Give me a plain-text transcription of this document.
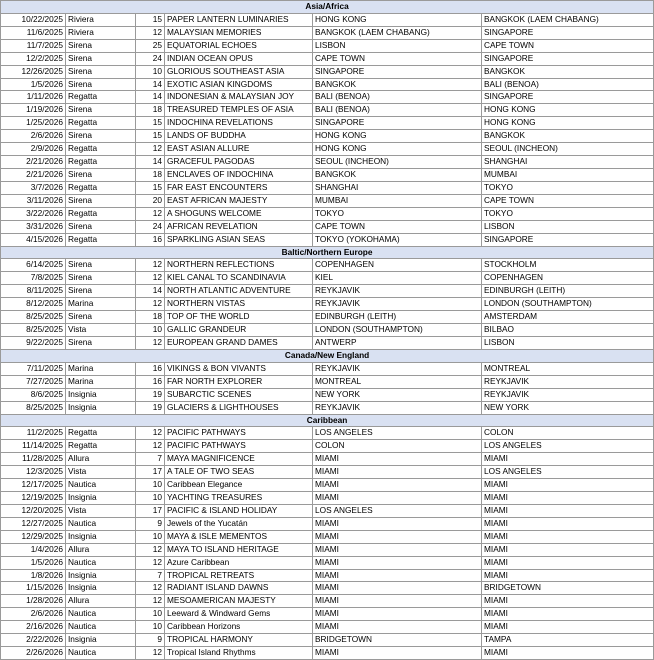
Asia/Africa					
10/22/2025	Riviera	15	PAPER LANTERN LUMINARIES	HONG KONG	BANGKOK (LAEM CHABANG)
11/6/2025	Riviera	12	MALAYSIAN MEMORIES	BANGKOK (LAEM CHABANG)	SINGAPORE
11/7/2025	Sirena	25	EQUATORIAL ECHOES	LISBON	CAPE TOWN
12/2/2025	Sirena	24	INDIAN OCEAN OPUS	CAPE TOWN	SINGAPORE
12/26/2025	Sirena	10	GLORIOUS SOUTHEAST ASIA	SINGAPORE	BANGKOK
1/5/2026	Sirena	14	EXOTIC ASIAN KINGDOMS	BANGKOK	BALI (BENOA)
1/11/2026	Regatta	14	INDONESIAN & MALAYSIAN JOY	BALI (BENOA)	SINGAPORE
1/19/2026	Sirena	18	TREASURED TEMPLES OF ASIA	BALI (BENOA)	HONG KONG
1/25/2026	Regatta	15	INDOCHINA REVELATIONS	SINGAPORE	HONG KONG
2/6/2026	Sirena	15	LANDS OF BUDDHA	HONG KONG	BANGKOK
2/9/2026	Regatta	12	EAST ASIAN ALLURE	HONG KONG	SEOUL (INCHEON)
2/21/2026	Regatta	14	GRACEFUL PAGODAS	SEOUL (INCHEON)	SHANGHAI
2/21/2026	Sirena	18	ENCLAVES OF INDOCHINA	BANGKOK	MUMBAI
3/7/2026	Regatta	15	FAR EAST ENCOUNTERS	SHANGHAI	TOKYO
3/11/2026	Sirena	20	EAST AFRICAN MAJESTY	MUMBAI	CAPE TOWN
3/22/2026	Regatta	12	A SHOGUNS WELCOME	TOKYO	TOKYO
3/31/2026	Sirena	24	AFRICAN REVELATION	CAPE TOWN	LISBON
4/15/2026	Regatta	16	SPARKLING ASIAN SEAS	TOKYO (YOKOHAMA)	SINGAPORE
Baltic/Northern Europe					
6/14/2025	Sirena	12	NORTHERN REFLECTIONS	COPENHAGEN	STOCKHOLM
7/8/2025	Sirena	12	KIEL CANAL TO SCANDINAVIA	KIEL	COPENHAGEN
8/11/2025	Sirena	14	NORTH ATLANTIC ADVENTURE	REYKJAVIK	EDINBURGH (LEITH)
8/12/2025	Marina	12	NORTHERN VISTAS	REYKJAVIK	LONDON (SOUTHAMPTON)
8/25/2025	Sirena	18	TOP OF THE WORLD	EDINBURGH (LEITH)	AMSTERDAM
8/25/2025	Vista	10	GALLIC GRANDEUR	LONDON (SOUTHAMPTON)	BILBAO
9/22/2025	Sirena	12	EUROPEAN GRAND DAMES	ANTWERP	LISBON
Canada/New England					
7/11/2025	Marina	16	VIKINGS & BON VIVANTS	REYKJAVIK	MONTREAL
7/27/2025	Marina	16	FAR NORTH EXPLORER	MONTREAL	REYKJAVIK
8/6/2025	Insignia	19	SUBARCTIC SCENES	NEW YORK	REYKJAVIK
8/25/2025	Insignia	19	GLACIERS & LIGHTHOUSES	REYKJAVIK	NEW YORK
Caribbean					
11/2/2025	Regatta	12	PACIFIC PATHWAYS	LOS ANGELES	COLON
11/14/2025	Regatta	12	PACIFIC PATHWAYS	COLON	LOS ANGELES
11/28/2025	Allura	7	MAYA MAGNIFICENCE	MIAMI	MIAMI
12/3/2025	Vista	17	A TALE OF TWO SEAS	MIAMI	LOS ANGELES
12/17/2025	Nautica	10	Caribbean Elegance	MIAMI	MIAMI
12/19/2025	Insignia	10	YACHTING TREASURES	MIAMI	MIAMI
12/20/2025	Vista	17	PACIFIC & ISLAND HOLIDAY	LOS ANGELES	MIAMI
12/27/2025	Nautica	9	Jewels of the Yucatán	MIAMI	MIAMI
12/29/2025	Insignia	10	MAYA & ISLE MEMENTOS	MIAMI	MIAMI
1/4/2026	Allura	12	MAYA TO ISLAND HERITAGE	MIAMI	MIAMI
1/5/2026	Nautica	12	Azure Caribbean	MIAMI	MIAMI
1/8/2026	Insignia	7	TROPICAL RETREATS	MIAMI	MIAMI
1/15/2026	Insignia	12	RADIANT ISLAND DAWNS	MIAMI	BRIDGETOWN
1/28/2026	Allura	12	MESOAMERICAN MAJESTY	MIAMI	MIAMI
2/6/2026	Nautica	10	Leeward & Windward Gems	MIAMI	MIAMI
2/16/2026	Nautica	10	Caribbean Horizons	MIAMI	MIAMI
2/22/2026	Insignia	9	TROPICAL HARMONY	BRIDGETOWN	TAMPA
2/26/2026	Nautica	12	Tropical Island Rhythms	MIAMI	MIAMI
